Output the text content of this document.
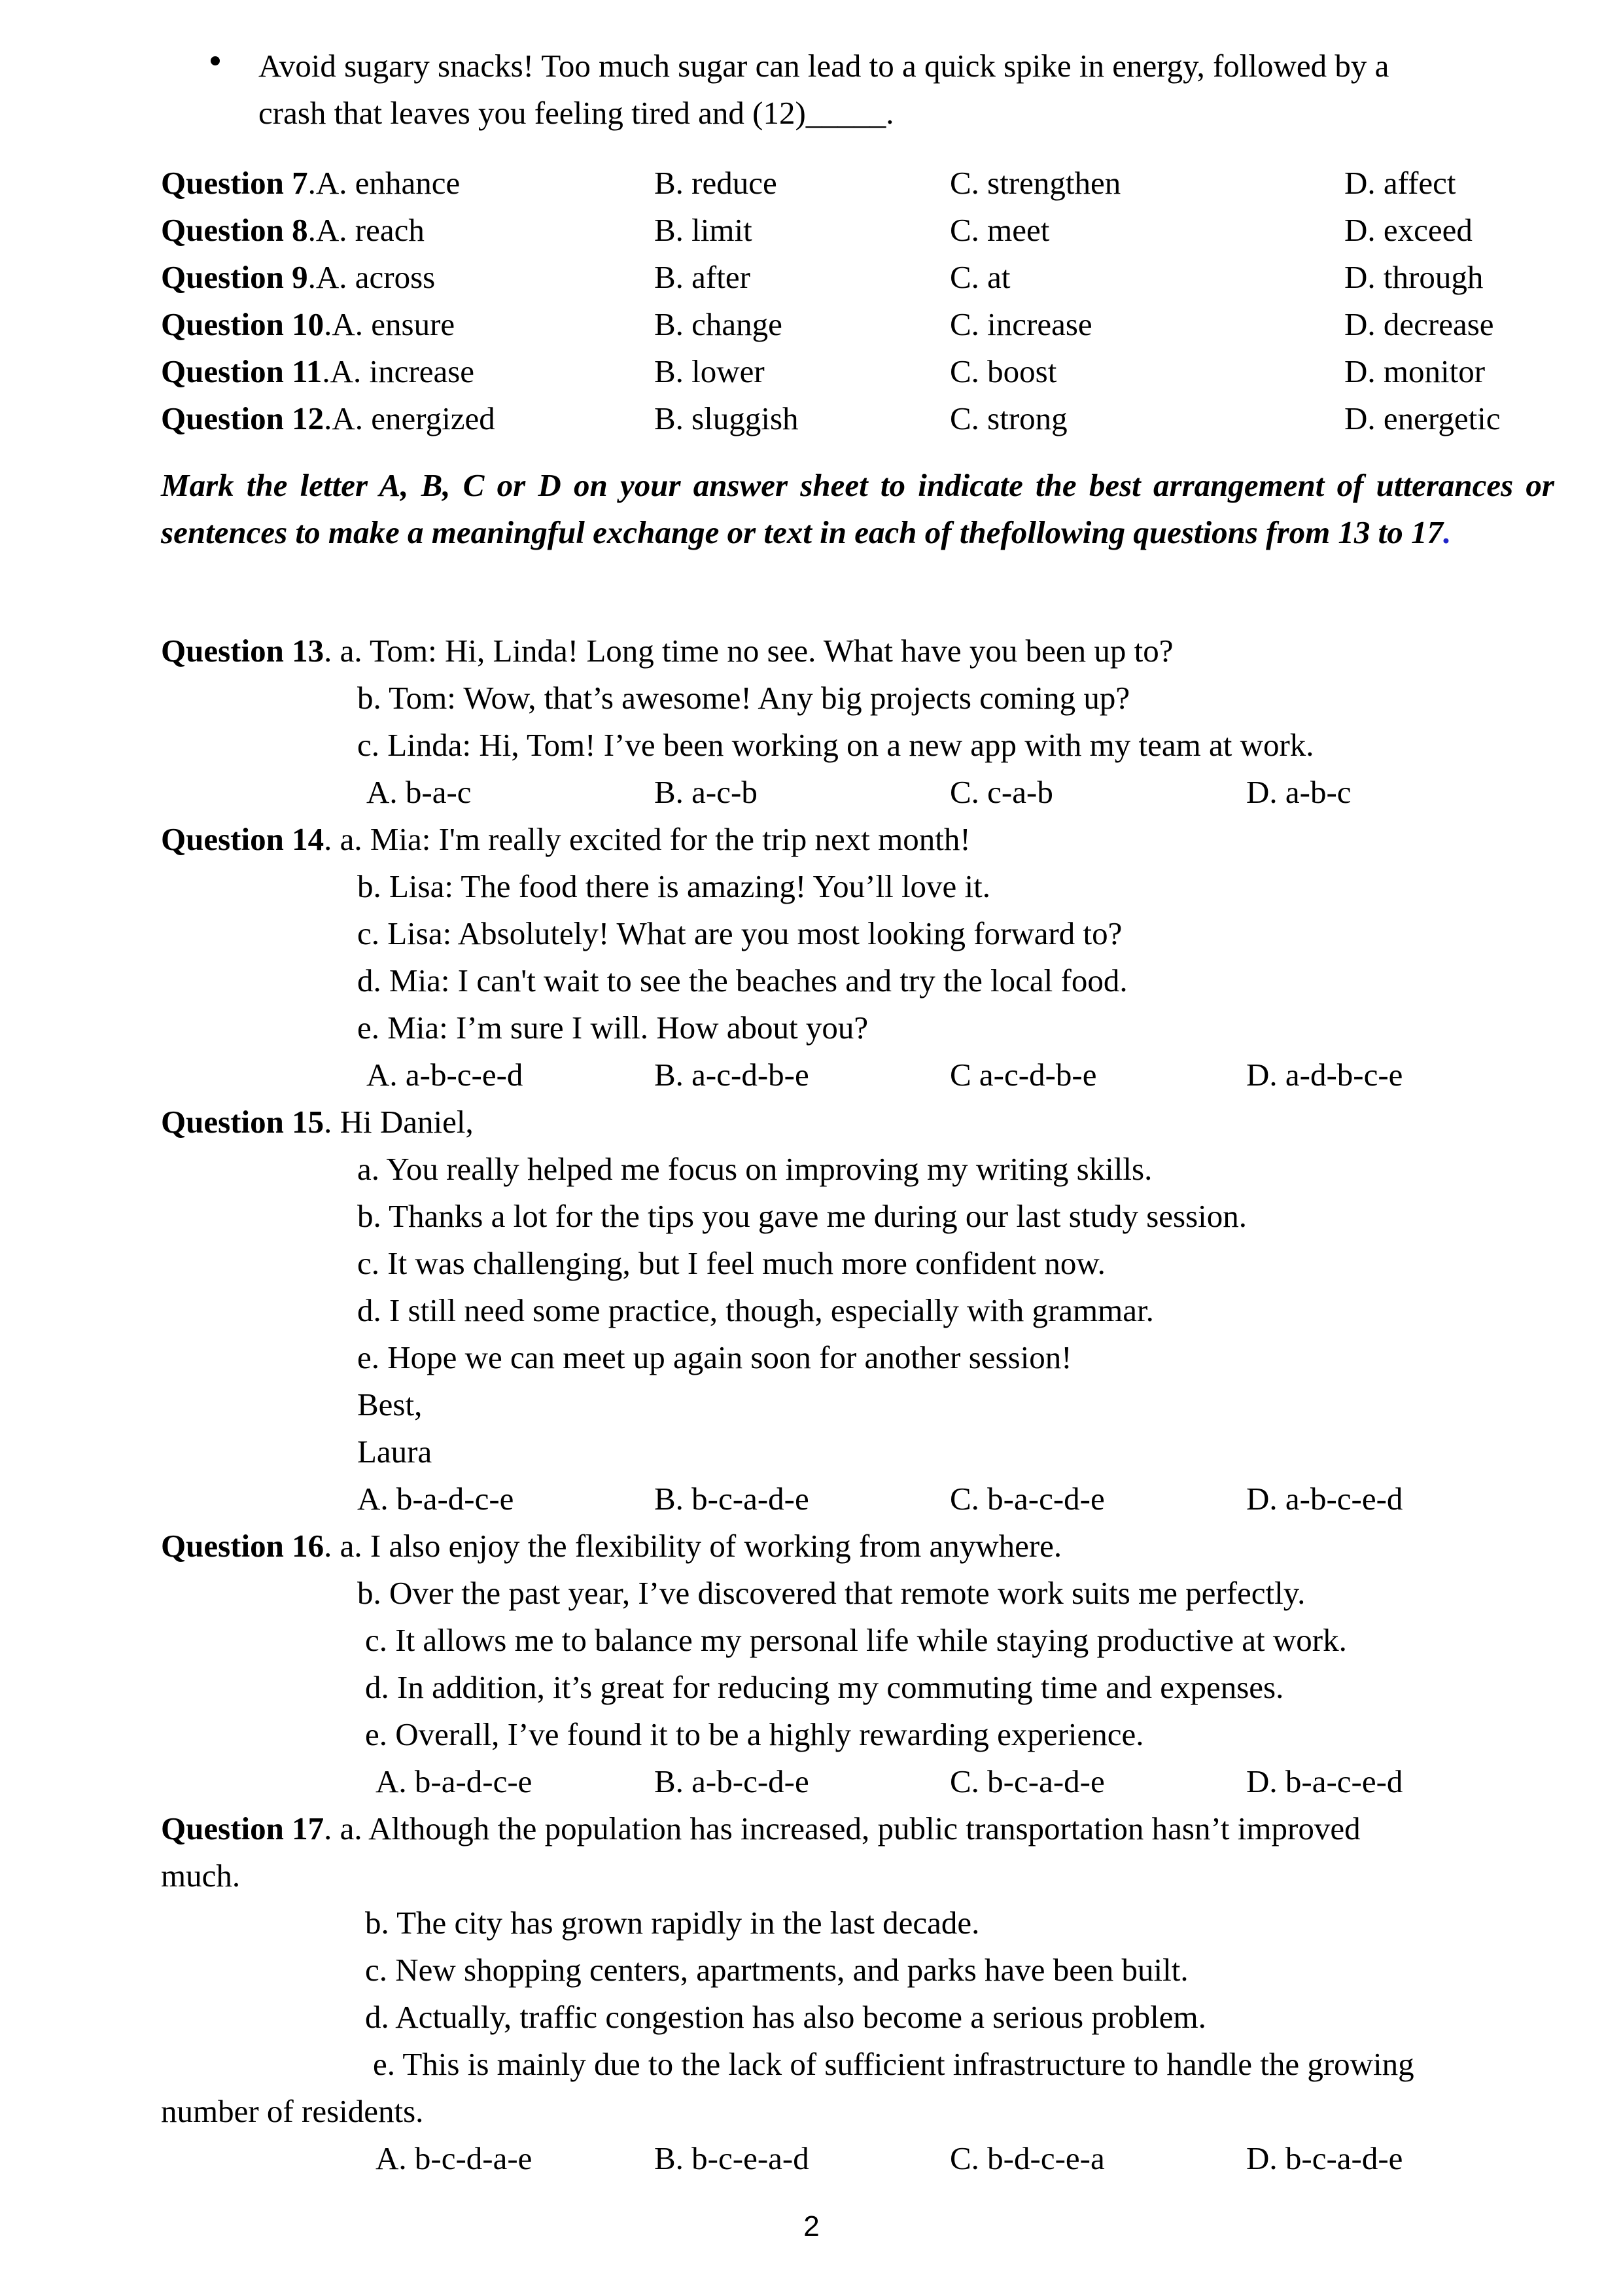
Avoid sugary snacks! Too much sugar can lead to a quick spike in energy, followed by a
crash that leaves you feeling tired and (12)_____.
Question 7.A. enhance	B. reduce	C. strengthen	D. affect
Question 8.A. reach	B. limit	C. meet	D. exceed
Question 9.A. across	B. after	C. at	D. through
Question 10.A. ensure	B. change	C. increase	D. decrease
Question 11.A. increase	B. lower	C. boost	D. monitor
Question 12.A. energized	B. sluggish	C. strong	D. energetic
Mark the letter A, B, C or D on your answer sheet to indicate the best arrangement of utterances or sentences to make a meaningful exchange or text in each of thefollowing questions from 13 to 17.
Question 13. a. Tom: Hi, Linda! Long time no see. What have you been up to?
b. Tom: Wow, that’s awesome! Any big projects coming up?
c. Linda: Hi, Tom! I’ve been working on a new app with my team at work.
A. b-a-c	B. a-c-b	C. c-a-b	D. a-b-c
Question 14. a. Mia: I'm really excited for the trip next month!
b. Lisa: The food there is amazing! You’ll love it.
c. Lisa: Absolutely! What are you most looking forward to?
d. Mia: I can't wait to see the beaches and try the local food.
e. Mia: I’m sure I will. How about you?
A. a-b-c-e-d	B. a-c-d-b-e	C a-c-d-b-e	D. a-d-b-c-e
Question 15. Hi Daniel,
a. You really helped me focus on improving my writing skills.
b. Thanks a lot for the tips you gave me during our last study session.
c. It was challenging, but I feel much more confident now.
d. I still need some practice, though, especially with grammar.
e. Hope we can meet up again soon for another session!
Best,
Laura
A. b-a-d-c-e	B. b-c-a-d-e	C. b-a-c-d-e	D. a-b-c-e-d
Question 16. a. I also enjoy the flexibility of working from anywhere.
b. Over the past year, I’ve discovered that remote work suits me perfectly.
c. It allows me to balance my personal life while staying productive at work.
d. In addition, it’s great for reducing my commuting time and expenses.
e. Overall, I’ve found it to be a highly rewarding experience.
A. b-a-d-c-e	B. a-b-c-d-e	C. b-c-a-d-e	D. b-a-c-e-d
Question 17. a. Although the population has increased, public transportation hasn’t improved
much.
b. The city has grown rapidly in the last decade.
c. New shopping centers, apartments, and parks have been built.
d. Actually, traffic congestion has also become a serious problem.
e. This is mainly due to the lack of sufficient infrastructure to handle the growing
number of residents.
A. b-c-d-a-e	B. b-c-e-a-d	C. b-d-c-e-a	D. b-c-a-d-e
2
